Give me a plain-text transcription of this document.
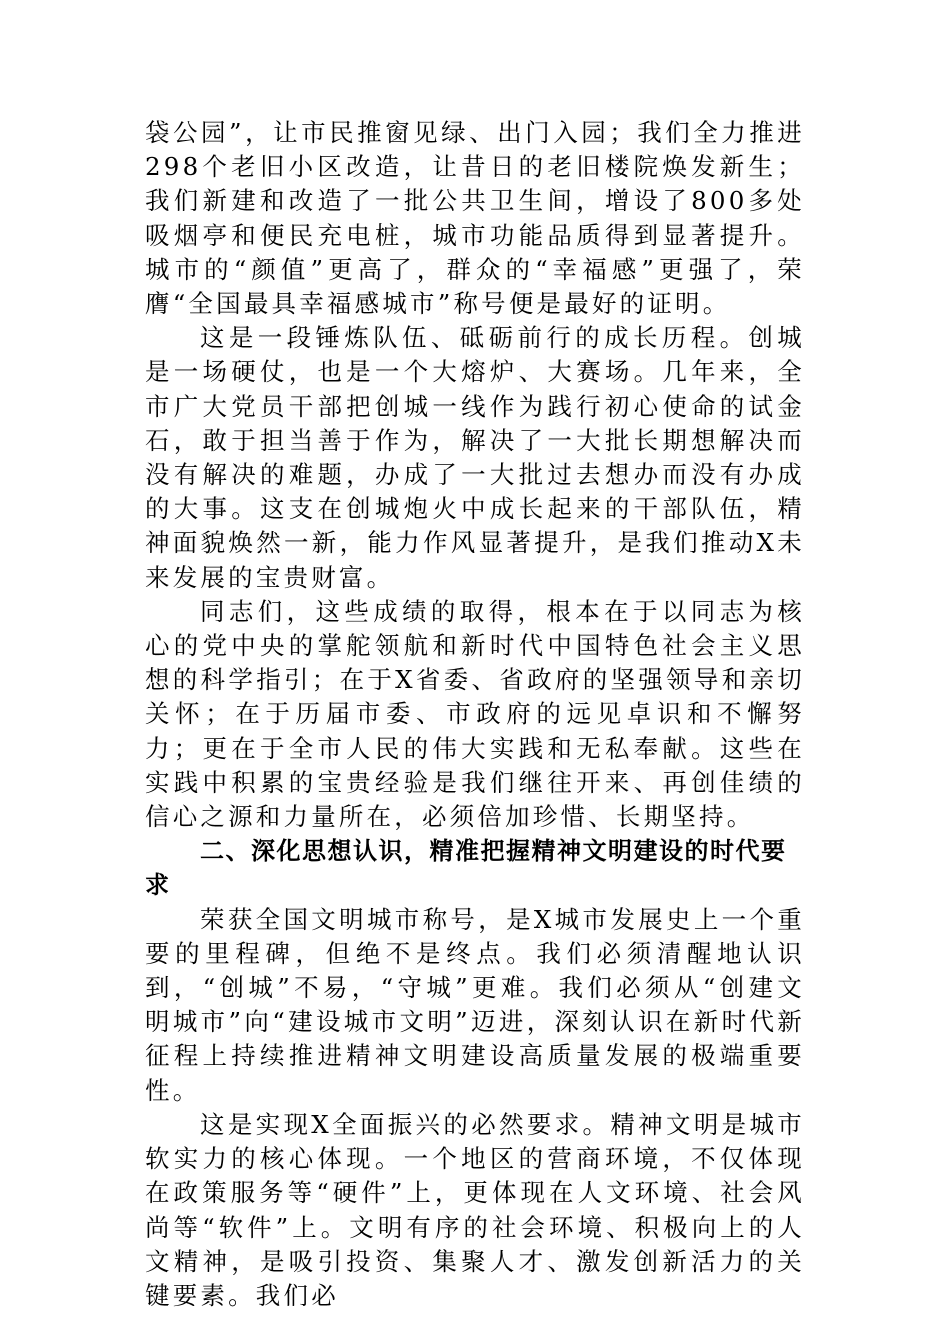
袋公园”，让市民推窗见绿、出门入园；我们全力推进298个老旧小区改造，让昔日的老旧楼院焕发新生；我们新建和改造了一批公共卫生间，增设了800多处吸烟亭和便民充电桩，城市功能品质得到显著提升。城市的“颜值”更高了，群众的“幸福感”更强了，荣膺“全国最具幸福感城市”称号便是最好的证明。

这是一段锤炼队伍、砥砺前行的成长历程。创城是一场硬仗，也是一个大熔炉、大赛场。几年来，全市广大党员干部把创城一线作为践行初心使命的试金石，敢于担当善于作为，解决了一大批长期想解决而没有解决的难题，办成了一大批过去想办而没有办成的大事。这支在创城炮火中成长起来的干部队伍，精神面貌焕然一新，能力作风显著提升，是我们推动X未来发展的宝贵财富。

同志们，这些成绩的取得，根本在于以同志为核心的党中央的掌舵领航和新时代中国特色社会主义思想的科学指引；在于X省委、省政府的坚强领导和亲切关怀；在于历届市委、市政府的远见卓识和不懈努力；更在于全市人民的伟大实践和无私奉献。这些在实践中积累的宝贵经验是我们继往开来、再创佳绩的信心之源和力量所在，必须倍加珍惜、长期坚持。

二、深化思想认识，精准把握精神文明建设的时代要求

荣获全国文明城市称号，是X城市发展史上一个重要的里程碑，但绝不是终点。我们必须清醒地认识到，“创城”不易，“守城”更难。我们必须从“创建文明城市”向“建设城市文明”迈进，深刻认识在新时代新征程上持续推进精神文明建设高质量发展的极端重要性。

这是实现X全面振兴的必然要求。精神文明是城市软实力的核心体现。一个地区的营商环境，不仅体现在政策服务等“硬件”上，更体现在人文环境、社会风尚等“软件”上。文明有序的社会环境、积极向上的人文精神，是吸引投资、集聚人才、激发创新活力的关键要素。我们必
